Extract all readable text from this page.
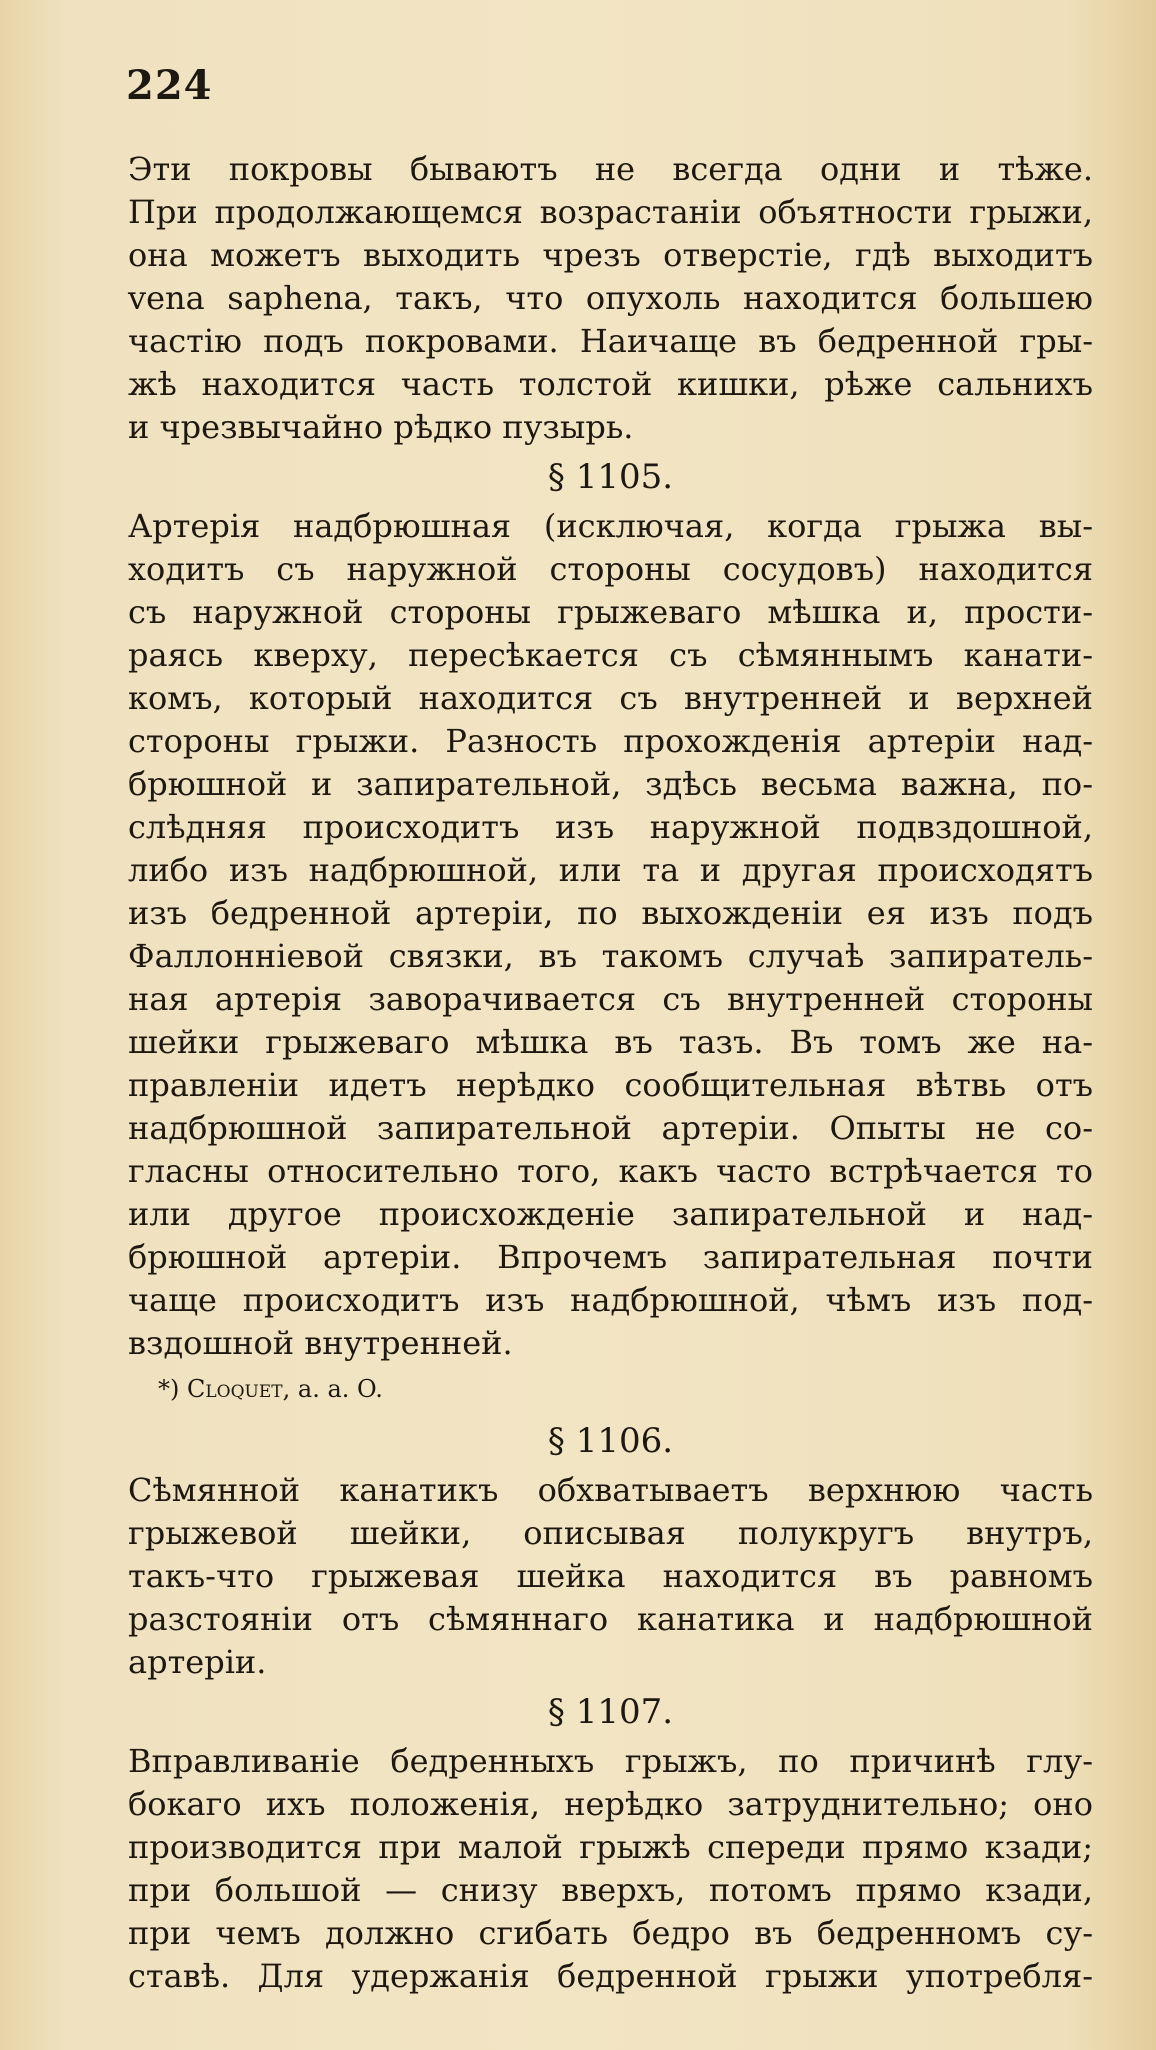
224
Эти покровы бываютъ не всегда одни и тѣже.
При продолжающемся возрастаніи объятности грыжи,
она можетъ выходить чрезъ отверстіе, гдѣ выходитъ
vena saphena, такъ, что опухоль находится большею
частію подъ покровами. Наичаще въ бедренной гры-
жѣ находится часть толстой кишки, рѣже сальнихъ
и чрезвычайно рѣдко пузырь.
§ 1105.
Артерія надбрюшная (исключая, когда грыжа вы-
ходитъ съ наружной стороны сосудовъ) находится
съ наружной стороны грыжеваго мѣшка и, прости-
раясь кверху, пересѣкается съ сѣмяннымъ канати-
комъ, который находится съ внутренней и верхней
стороны грыжи. Разность прохожденія артеріи над-
брюшной и запирательной, здѣсь весьма важна, по-
слѣдняя происходитъ изъ наружной подвздошной,
либо изъ надбрюшной, или та и другая происходятъ
изъ бедренной артеріи, по выхожденіи ея изъ подъ
Фаллонніевой связки, въ такомъ случаѣ запиратель-
ная артерія заворачивается съ внутренней стороны
шейки грыжеваго мѣшка въ тазъ. Въ томъ же на-
правленіи идетъ нерѣдко сообщительная вѣтвь отъ
надбрюшной запирательной артеріи. Опыты не со-
гласны относительно того, какъ часто встрѣчается то
или другое происхожденіе запирательной и над-
брюшной артеріи. Впрочемъ запирательная почти
чаще происходитъ изъ надбрюшной, чѣмъ изъ под-
вздошной внутренней.
*) Cloquet, a. a. O.
§ 1106.
Сѣмянной канатикъ обхватываетъ верхнюю часть
грыжевой шейки, описывая полукругъ внутръ,
такъ-что грыжевая шейка находится въ равномъ
разстояніи отъ сѣмяннаго канатика и надбрюшной
артеріи.
§ 1107.
Вправливаніе бедренныхъ грыжъ, по причинѣ глу-
бокаго ихъ положенія, нерѣдко затруднительно; оно
производится при малой грыжѣ спереди прямо кзади;
при большой — снизу вверхъ, потомъ прямо кзади,
при чемъ должно сгибать бедро въ бедренномъ су-
ставѣ. Для удержанія бедренной грыжи употребля-
